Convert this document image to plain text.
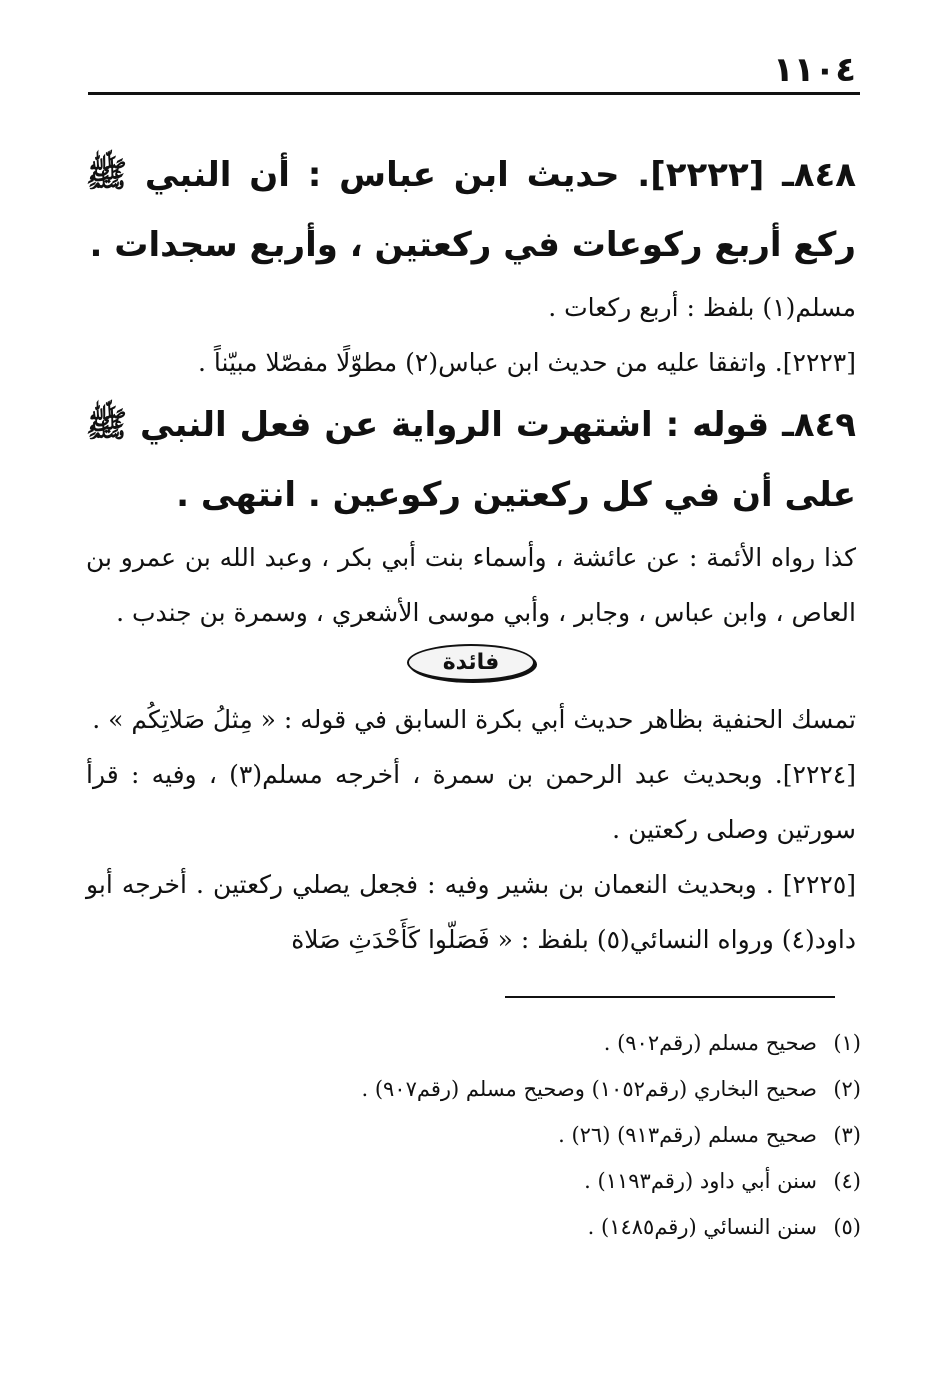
١١٠٤

٨٤٨ـ [٢٢٢٢]. حديث ابن عباس : أن النبي ﷺ ركع أربع ركوعات في ركعتين ، وأربع سجدات .

مسلم(١) بلفظ : أربع ركعات .

[٢٢٢٣]. واتفقا عليه من حديث ابن عباس(٢) مطوّلًا مفصّلا مبيّناً .

٨٤٩ـ قوله : اشتهرت الرواية عن فعل النبي ﷺ على أن في كل ركعتين ركوعين . انتهى .

كذا رواه الأئمة : عن عائشة ، وأسماء بنت أبي بكر ، وعبد الله بن عمرو بن العاص ، وابن عباس ، وجابر ، وأبي موسى الأشعري ، وسمرة بن جندب .

فائدة

تمسك الحنفية بظاهر حديث أبي بكرة السابق في قوله : « مِثلُ صَلاتِكُم » .

[٢٢٢٤]. وبحديث عبد الرحمن بن سمرة ، أخرجه مسلم(٣) ، وفيه : قرأ سورتين وصلى ركعتين .

[٢٢٢٥] . وبحديث النعمان بن بشير وفيه : فجعل يصلي ركعتين . أخرجه أبو داود(٤) ورواه النسائي(٥) بلفظ : « فَصَلّوا كَأَحْدَثِ صَلاة

(١)صحيح مسلم (رقم٩٠٢) .

(٢)صحيح البخاري (رقم١٠٥٢) وصحيح مسلم (رقم٩٠٧) .

(٣)صحيح مسلم (رقم٩١٣) (٢٦) .

(٤)سنن أبي داود (رقم١١٩٣) .

(٥)سنن النسائي (رقم١٤٨٥) .
